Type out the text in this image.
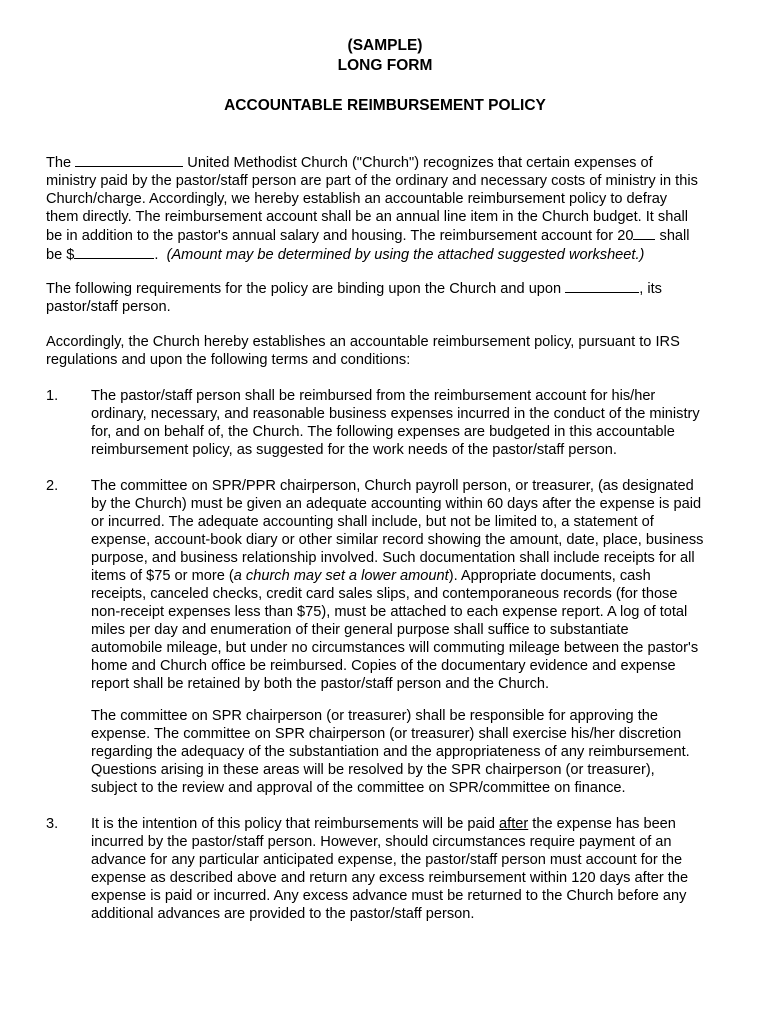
(SAMPLE)

LONG FORM

ACCOUNTABLE REIMBURSEMENT POLICY

The	United Methodist Church ("Church") recognizes that certain expenses of
ministry paid by the pastor/staff person are part of the ordinary and necessary costs of ministry in this
Church/charge. Accordingly, we hereby establish an accountable reimbursement policy to defray
them directly. The reimbursement account shall be an annual line item in the Church budget. It shall
be in addition to the pastor's annual salary and housing. The reimbursement account for 20 shall
be $	. (Amount may be determined by using the attached suggested worksheet.)
The following requirements for the policy are binding upon the Church and upon	, its
pastor/staff person.
Accordingly, the Church hereby establishes an accountable reimbursement policy, pursuant to IRS
regulations and upon the following terms and conditions:

1. The pastor/staff person shall be reimbursed from the reimbursement account for his/her
ordinary, necessary, and reasonable business expenses incurred in the conduct of the ministry
for, and on behalf of, the Church. The following expenses are budgeted in this accountable
reimbursement policy, as suggested for the work needs of the pastor/staff person.

2. The committee on SPR/PPR chairperson, Church payroll person, or treasurer, (as designated
by the Church) must be given an adequate accounting within 60 days after the expense is paid
or incurred. The adequate accounting shall include, but not be limited to, a statement of
expense, account-book diary or other similar record showing the amount, date, place, business
purpose, and business relationship involved. Such documentation shall include receipts for all
items of $75 or more (a church may set a lower amount). Appropriate documents, cash
receipts, canceled checks, credit card sales slips, and contemporaneous records (for those
non-receipt expenses less than $75), must be attached to each expense report. A log of total
miles per day and enumeration of their general purpose shall suffice to substantiate
automobile mileage, but under no circumstances will commuting mileage between the pastor's
home and Church office be reimbursed. Copies of the documentary evidence and expense
report shall be retained by both the pastor/staff person and the Church.
The committee on SPR chairperson (or treasurer) shall be responsible for approving the
expense. The committee on SPR chairperson (or treasurer) shall exercise his/her discretion
regarding the adequacy of the substantiation and the appropriateness of any reimbursement.
Questions arising in these areas will be resolved by the SPR chairperson (or treasurer),
subject to the review and approval of the committee on SPR/committee on finance.

3. It is the intention of this policy that reimbursements will be paid after the expense has been
incurred by the pastor/staff person. However, should circumstances require payment of an
advance for any particular anticipated expense, the pastor/staff person must account for the
expense as described above and return any excess reimbursement within 120 days after the
expense is paid or incurred. Any excess advance must be returned to the Church before any
additional advances are provided to the pastor/staff person.
